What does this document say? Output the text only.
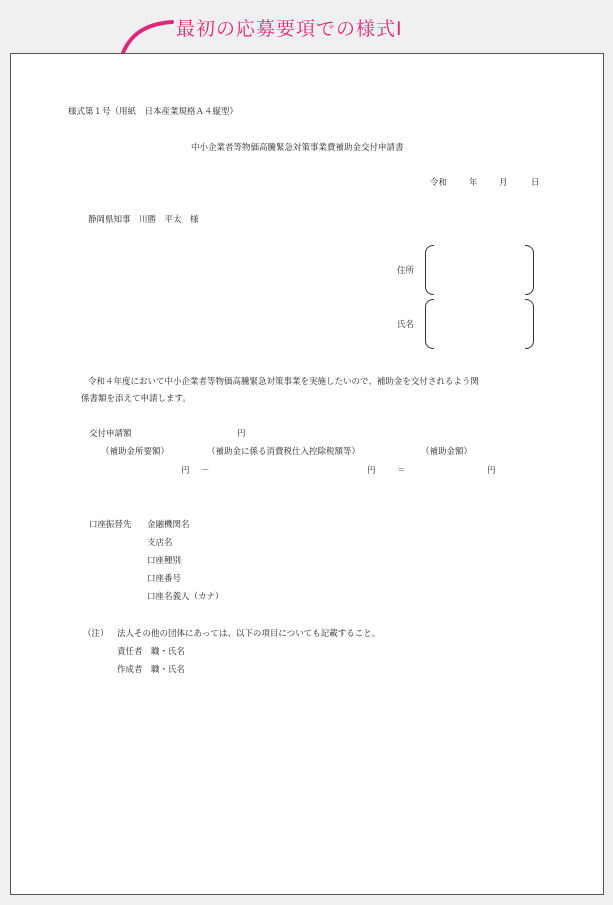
最初の応募要項での様式Ⅰ
様式第１号（用紙　日本産業規格Ａ４縦型）
中小企業者等物価高騰緊急対策事業費補助金交付申請書
令和	年	月	日
静岡県知事　川勝　平太　様
住所
氏名
令和４年度において中小企業者等物価高騰緊急対策事業を実施したいので、補助金を交付されるよう関
係書類を添えて申請します。
交付申請額	円
（補助金所要額）	（補助金に係る消費税仕入控除税額等）	（補助金額）
円 －	円	＝	円
口座振替先 金融機関名
支店名
口座種別
口座番号
口座名義人（カナ）
（注） 法人その他の団体にあっては、以下の項目についても記載すること。
責任者　職・氏名
作成者　職・氏名
